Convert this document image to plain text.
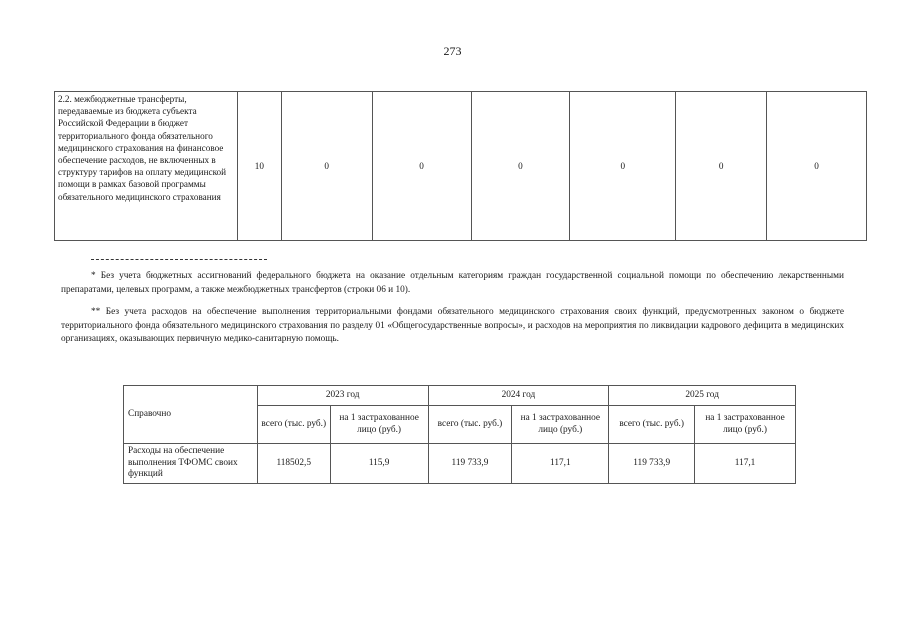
273
2.2. межбюджетные трансферты, передаваемые из бюджета субъекта Российской Федерации в бюджет территориального фонда обязательного медицинского страхования на финансовое обеспечение расходов, не включенных в структуру тарифов на оплату медицинской помощи в рамках базовой программы обязательного медицинского страхования	10	0	0	0	0	0	0
* Без учета бюджетных ассигнований федерального бюджета на оказание отдельным категориям граждан государственной социальной помощи по обеспечению лекарственными препаратами, целевых программ, а также межбюджетных трансфертов (строки 06 и 10).
** Без учета расходов на обеспечение выполнения территориальными фондами обязательного медицинского страхования своих функций, предусмотренных законом о бюджете территориального фонда обязательного медицинского страхования по разделу 01 «Общегосударственные вопросы», и расходов на мероприятия по ликвидации кадрового дефицита в медицинских организациях, оказывающих первичную медико-санитарную помощь.
Справочно	2023 год		2024 год		2025 год	
	всего (тыс. руб.)	на 1 застрахованное лицо (руб.)	всего (тыс. руб.)	на 1 застрахованное лицо (руб.)	всего (тыс. руб.)	на 1 застрахованное лицо (руб.)
Расходы на обеспечение выполнения ТФОМС своих функций	118502,5	115,9	119 733,9	117,1	119 733,9	117,1
